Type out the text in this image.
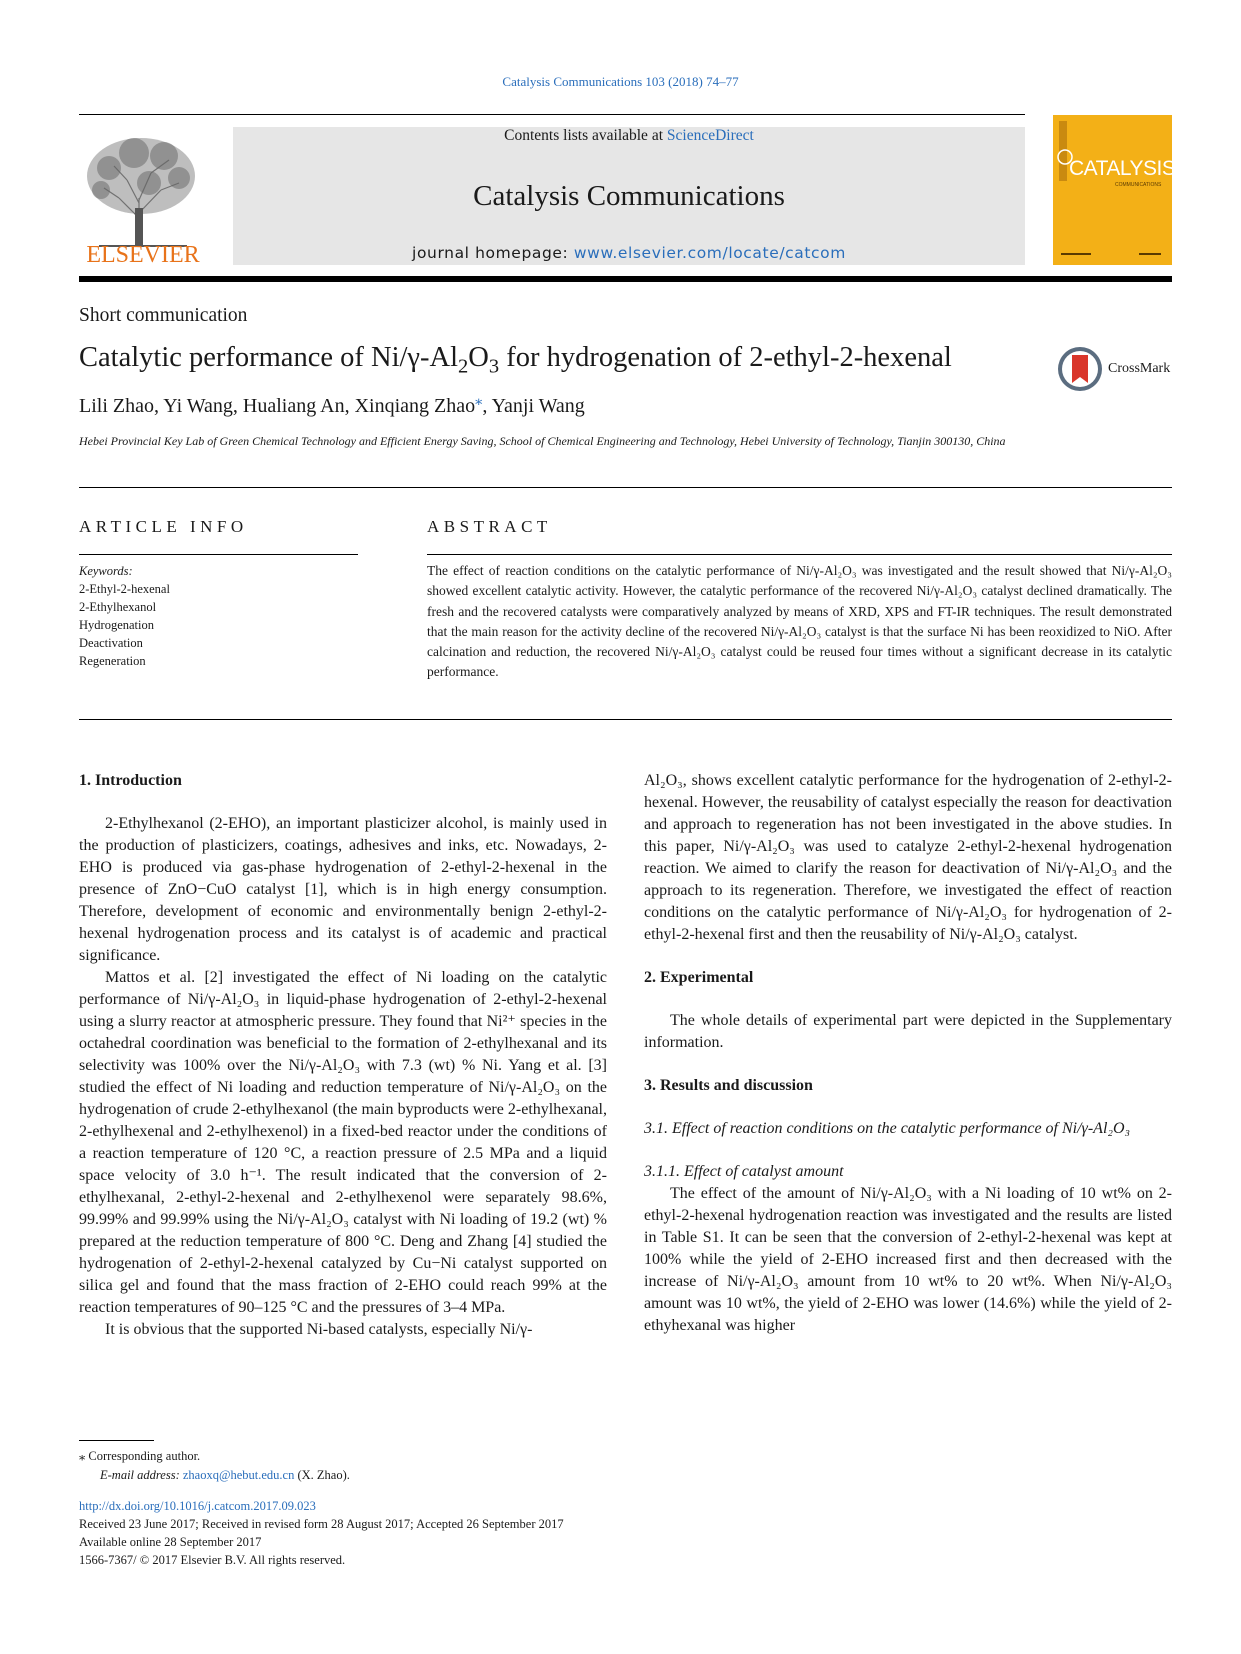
Catalysis Communications 103 (2018) 74–77
ELSEVIER
Contents lists available at ScienceDirect
Catalysis Communications
journal homepage: www.elsevier.com/locate/catcom
CATALYSIS
COMMUNICATIONS
Short communication
Catalytic performance of $Ni/\gamma-Al_2O_3$ for hydrogenation of 2-ethyl-2-hexenal	CrossMark
Lili Zhao, Yi Wang, Hualiang An, Xinqiang Zhao⁎, Yanji Wang
Hebei Provincial Key Lab of Green Chemical Technology and Efficient Energy Saving, School of Chemical Engineering and Technology, Hebei University of Technology, Tianjin 300130, China
ARTICLE INFO	ABSTRACT
Keywords:
2-Ethyl-2-hexenal
2-Ethylhexanol
Hydrogenation
Deactivation
Regeneration
The effect of reaction conditions on the catalytic performance of Ni/γ-Al₂O₃ was investigated and the result showed that Ni/γ-Al₂O₃ showed excellent catalytic activity. However, the catalytic performance of the recovered Ni/γ-Al₂O₃ catalyst declined dramatically. The fresh and the recovered catalysts were comparatively analyzed by means of XRD, XPS and FT-IR techniques. The result demonstrated that the main reason for the activity decline of the recovered Ni/γ-Al₂O₃ catalyst is that the surface Ni has been reoxidized to NiO. After calcination and reduction, the recovered Ni/γ-Al₂O₃ catalyst could be reused four times without a significant decrease in its catalytic performance.

1. Introduction

2-Ethylhexanol (2-EHO), an important plasticizer alcohol, is mainly used in the production of plasticizers, coatings, adhesives and inks, etc. Nowadays, 2-EHO is produced via gas-phase hydrogenation of 2-ethyl-2-hexenal in the presence of ZnO−CuO catalyst [1], which is in high energy consumption. Therefore, development of economic and environmentally benign 2-ethyl-2-hexenal hydrogenation process and its catalyst is of academic and practical significance.

Mattos et al. [2] investigated the effect of Ni loading on the catalytic performance of Ni/γ-Al₂O₃ in liquid-phase hydrogenation of 2-ethyl-2-hexenal using a slurry reactor at atmospheric pressure. They found that Ni²⁺ species in the octahedral coordination was beneficial to the formation of 2-ethylhexanal and its selectivity was 100% over the Ni/γ-Al₂O₃ with 7.3 (wt) % Ni. Yang et al. [3] studied the effect of Ni loading and reduction temperature of Ni/γ-Al₂O₃ on the hydrogenation of crude 2-ethylhexanol (the main byproducts were 2-ethylhexanal, 2-ethylhexenal and 2-ethylhexenol) in a fixed-bed reactor under the conditions of a reaction temperature of 120 °C, a reaction pressure of 2.5 MPa and a liquid space velocity of 3.0 h⁻¹. The result indicated that the conversion of 2-ethylhexanal, 2-ethyl-2-hexenal and 2-ethylhexenol were separately 98.6%, 99.99% and 99.99% using the Ni/γ-Al₂O₃ catalyst with Ni loading of 19.2 (wt) % prepared at the reduction temperature of 800 °C. Deng and Zhang [4] studied the hydrogenation of 2-ethyl-2-hexenal catalyzed by Cu−Ni catalyst supported on silica gel and found that the mass fraction of 2-EHO could reach 99% at the reaction temperatures of 90–125 °C and the pressures of 3–4 MPa.

It is obvious that the supported Ni-based catalysts, especially Ni/γ-

Al₂O₃, shows excellent catalytic performance for the hydrogenation of 2-ethyl-2-hexenal. However, the reusability of catalyst especially the reason for deactivation and approach to regeneration has not been investigated in the above studies. In this paper, Ni/γ-Al₂O₃ was used to catalyze 2-ethyl-2-hexenal hydrogenation reaction. We aimed to clarify the reason for deactivation of Ni/γ-Al₂O₃ and the approach to its regeneration. Therefore, we investigated the effect of reaction conditions on the catalytic performance of Ni/γ-Al₂O₃ for hydrogenation of 2-ethyl-2-hexenal first and then the reusability of Ni/γ-Al₂O₃ catalyst.

2. Experimental

The whole details of experimental part were depicted in the Supplementary information.

3. Results and discussion

3.1. Effect of reaction conditions on the catalytic performance of Ni/γ-Al₂O₃

3.1.1. Effect of catalyst amount

The effect of the amount of Ni/γ-Al₂O₃ with a Ni loading of 10 wt% on 2-ethyl-2-hexenal hydrogenation reaction was investigated and the results are listed in Table S1. It can be seen that the conversion of 2-ethyl-2-hexenal was kept at 100% while the yield of 2-EHO increased first and then decreased with the increase of Ni/γ-Al₂O₃ amount from 10 wt% to 20 wt%. When Ni/γ-Al₂O₃ amount was 10 wt%, the yield of 2-EHO was lower (14.6%) while the yield of 2-ethyhexanal was higher

⁎ Corresponding author.
E-mail address: zhaoxq@hebut.edu.cn (X. Zhao).
http://dx.doi.org/10.1016/j.catcom.2017.09.023
Received 23 June 2017; Received in revised form 28 August 2017; Accepted 26 September 2017
Available online 28 September 2017
1566-7367/ © 2017 Elsevier B.V. All rights reserved.
